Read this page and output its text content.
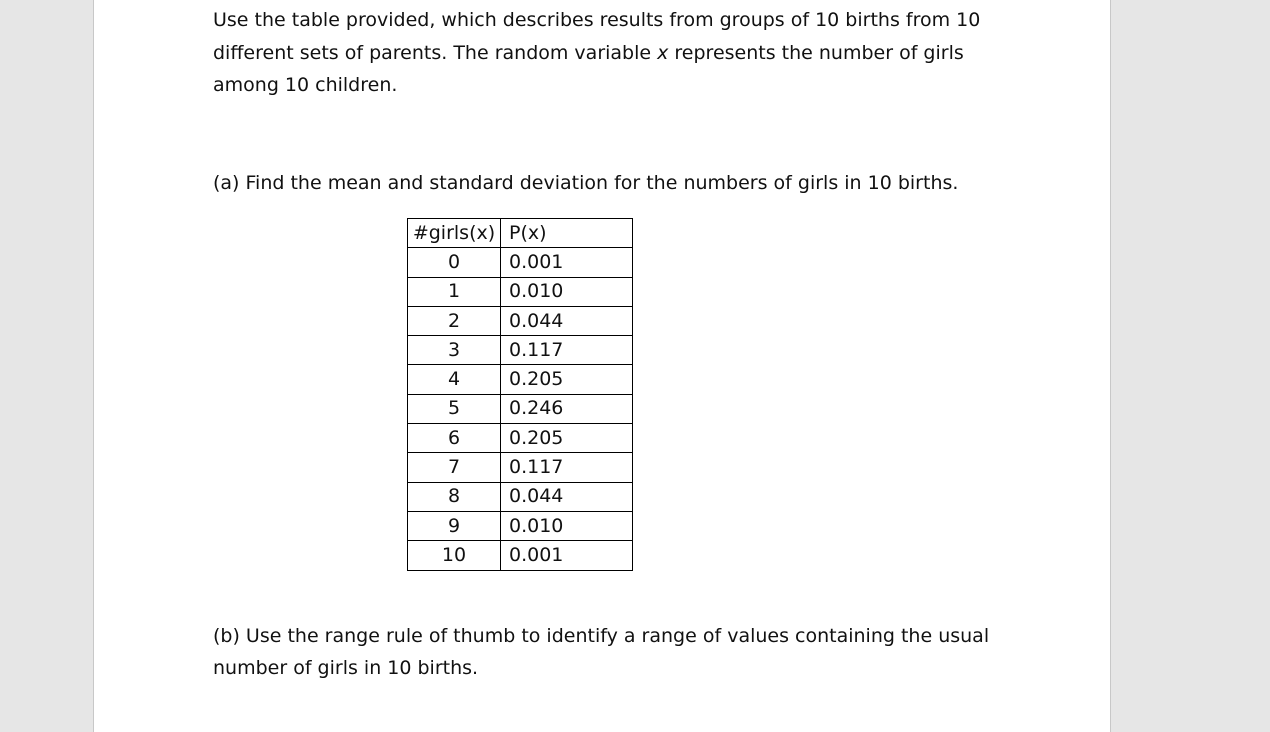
Use the table provided, which describes results from groups of 10 births from 10 different sets of parents. The random variable x represents the number of girls among 10 children.

(a) Find the mean and standard deviation for the numbers of girls in 10 births.

#girls(x)	P(x)
0	0.001
1	0.010
2	0.044
3	0.117
4	0.205
5	0.246
6	0.205
7	0.117
8	0.044
9	0.010
10	0.001

(b) Use the range rule of thumb to identify a range of values containing the usual number of girls in 10 births.
